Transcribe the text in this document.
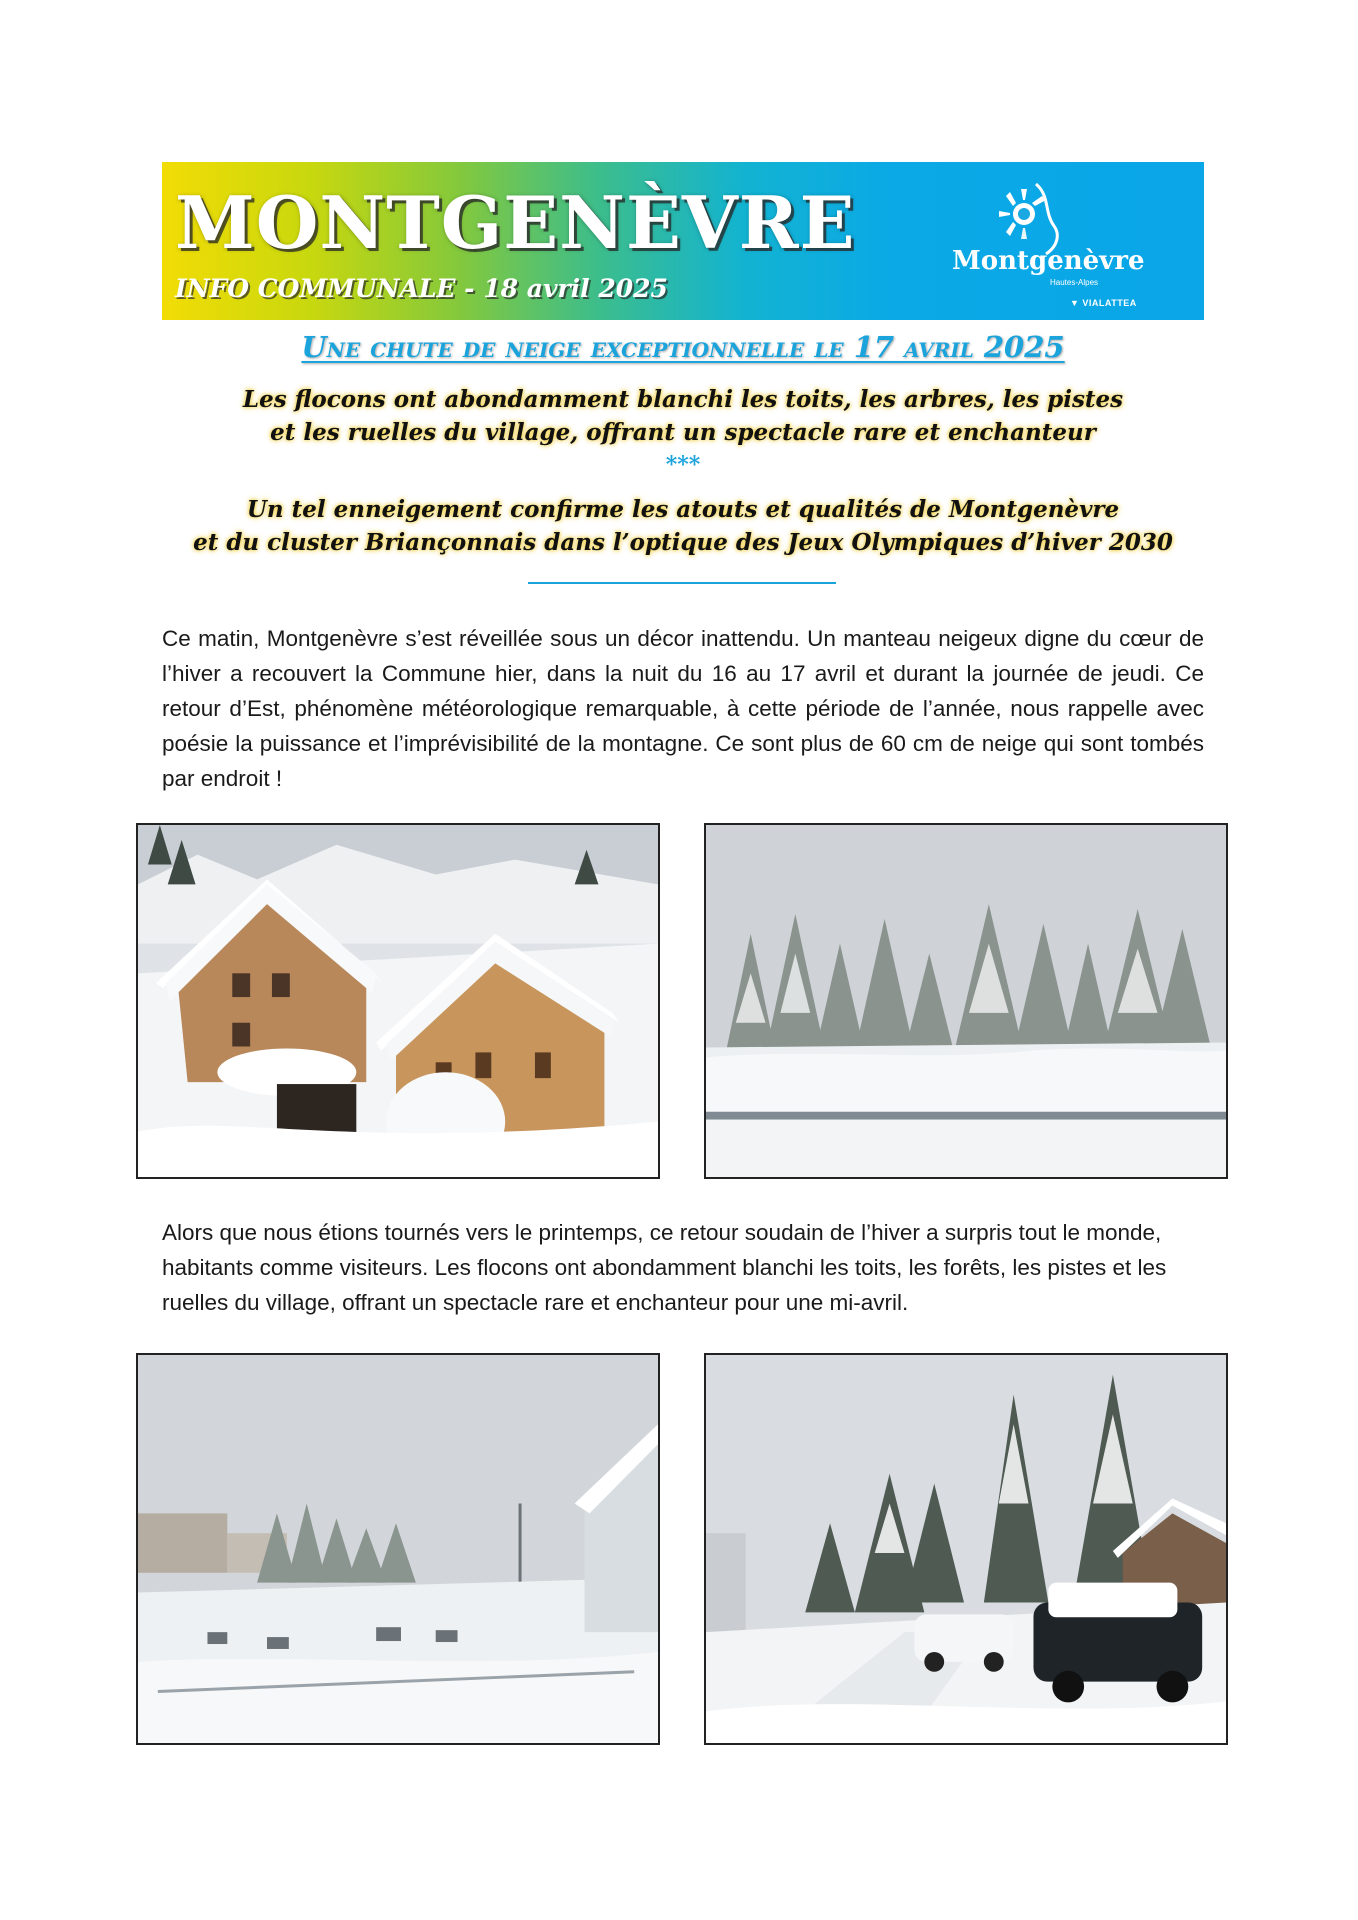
MONTGENÈVRE
INFO COMMUNALE - 18 avril 2025
Montgenèvre
Hautes-Alpes
▼ VIALATTEA
Une chute de neige exceptionnelle le 17 avril 2025
Les flocons ont abondamment blanchi les toits, les arbres, les pistes
et les ruelles du village, offrant un spectacle rare et enchanteur
***
Un tel enneigement confirme les atouts et qualités de Montgenèvre
et du cluster Briançonnais dans l’optique des Jeux Olympiques d’hiver 2030

Ce matin, Montgenèvre s’est réveillée sous un décor inattendu. Un manteau neigeux digne du cœur de l’hiver a recouvert la Commune hier, dans la nuit du 16 au 17 avril et durant la journée de jeudi. Ce retour d’Est, phénomène météorologique remarquable, à cette période de l’année, nous rappelle avec poésie la puissance et l’imprévisibilité de la montagne. Ce sont plus de 60 cm de neige qui sont tombés par endroit !

Alors que nous étions tournés vers le printemps, ce retour soudain de l’hiver a surpris tout le monde, habitants comme visiteurs. Les flocons ont abondamment blanchi les toits, les forêts, les pistes et les ruelles du village, offrant un spectacle rare et enchanteur pour une mi-avril.
